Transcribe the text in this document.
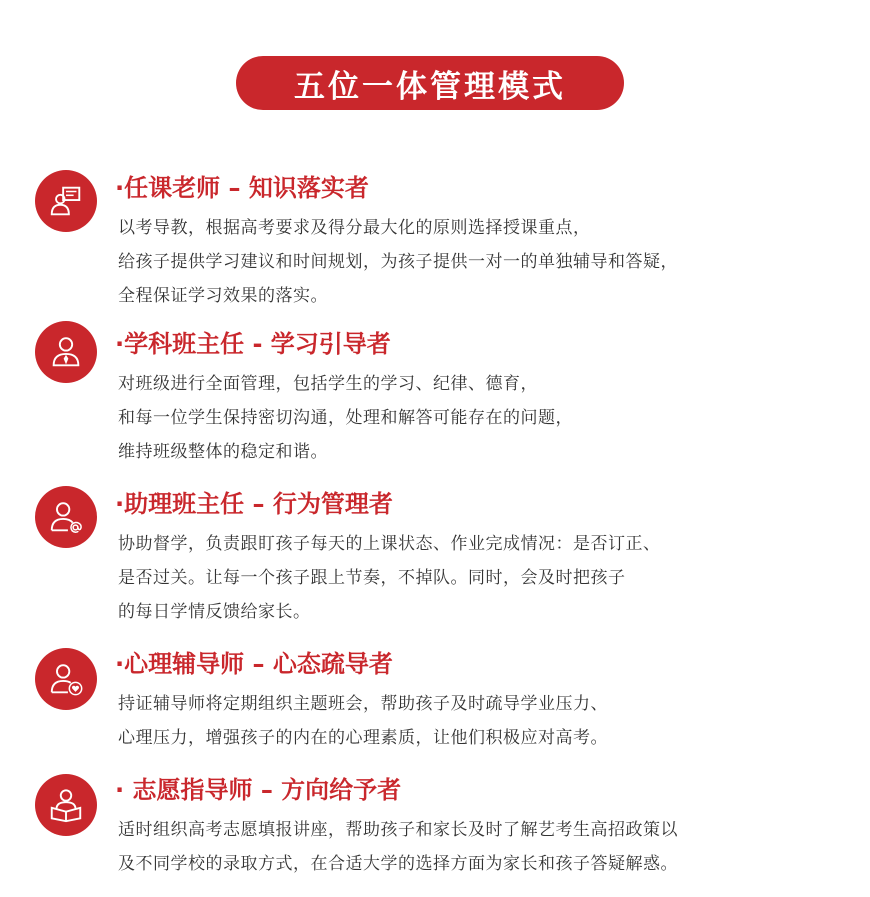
五位一体管理模式
·任课老师 – 知识落实者
以考导教，根据高考要求及得分最大化的原则选择授课重点，
给孩子提供学习建议和时间规划，为孩子提供一对一的单独辅导和答疑，
全程保证学习效果的落实。
·学科班主任 - 学习引导者
对班级进行全面管理，包括学生的学习、纪律、德育，
和每一位学生保持密切沟通，处理和解答可能存在的问题，
维持班级整体的稳定和谐。
·助理班主任 – 行为管理者
协助督学，负责跟盯孩子每天的上课状态、作业完成情况：是否订正、
是否过关。让每一个孩子跟上节奏，不掉队。同时，会及时把孩子
的每日学情反馈给家长。
·心理辅导师 – 心态疏导者
持证辅导师将定期组织主题班会，帮助孩子及时疏导学业压力、
心理压力，增强孩子的内在的心理素质，让他们积极应对高考。
· 志愿指导师 – 方向给予者
适时组织高考志愿填报讲座，帮助孩子和家长及时了解艺考生高招政策以
及不同学校的录取方式，在合适大学的选择方面为家长和孩子答疑解惑。
